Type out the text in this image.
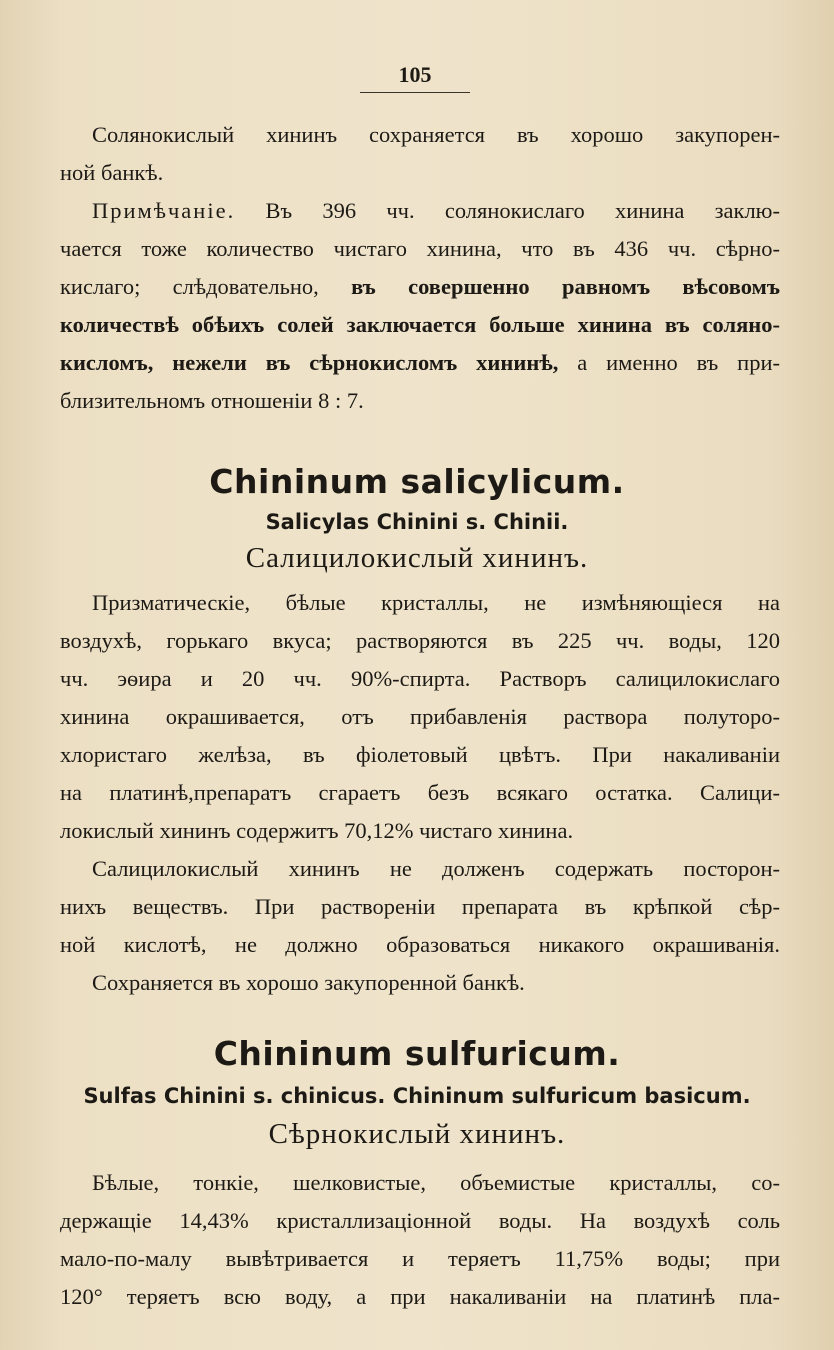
105
Солянокислый хининъ сохраняется въ хорошо закупорен-
ной банкѣ.
Примѣчаніе. Въ 396 чч. солянокислаго хинина заклю-
чается тоже количество чистаго хинина, что въ 436 чч. сѣрно-
кислаго; слѣдовательно, въ совершенно равномъ вѣсовомъ
количествѣ обѣихъ солей заключается больше хинина въ соляно-
кисломъ, нежели въ сѣрнокисломъ хининѣ, а именно въ при-
близительномъ отношеніи 8 : 7.
Chininum salicylicum.
Salicylas Chinini s. Chinii.
Салицилокислый хининъ.
Призматическіе, бѣлые кристаллы, не измѣняющіеся на
воздухѣ, горькаго вкуса; растворяются въ 225 чч. воды, 120
чч. эѳира и 20 чч. 90%-спирта. Растворъ салицилокислаго
хинина окрашивается, отъ прибавленія раствора полуторо-
хлористаго желѣза, въ фіолетовый цвѣтъ. При накаливаніи
на платинѣ,препаратъ сгараетъ безъ всякаго остатка. Салици-
локислый хининъ содержитъ 70,12% чистаго хинина.
Салицилокислый хининъ не долженъ содержать посторон-
нихъ веществъ. При растворенiи препарата въ крѣпкой сѣр-
ной кислотѣ, не должно образоваться никакого окрашиванія.
Сохраняется въ хорошо закупоренной банкѣ.
Chininum sulfuricum.
Sulfas Chinini s. chinicus. Chininum sulfuricum basicum.
Сѣрнокислый хининъ.
Бѣлые, тонкіе, шелковистые, объемистые кристаллы, со-
держащіе 14,43% кристаллизаціонной воды. На воздухѣ соль
мало-по-малу вывѣтривается и теряетъ 11,75% воды; при
120° теряетъ всю воду, а при накаливаніи на платинѣ пла-
